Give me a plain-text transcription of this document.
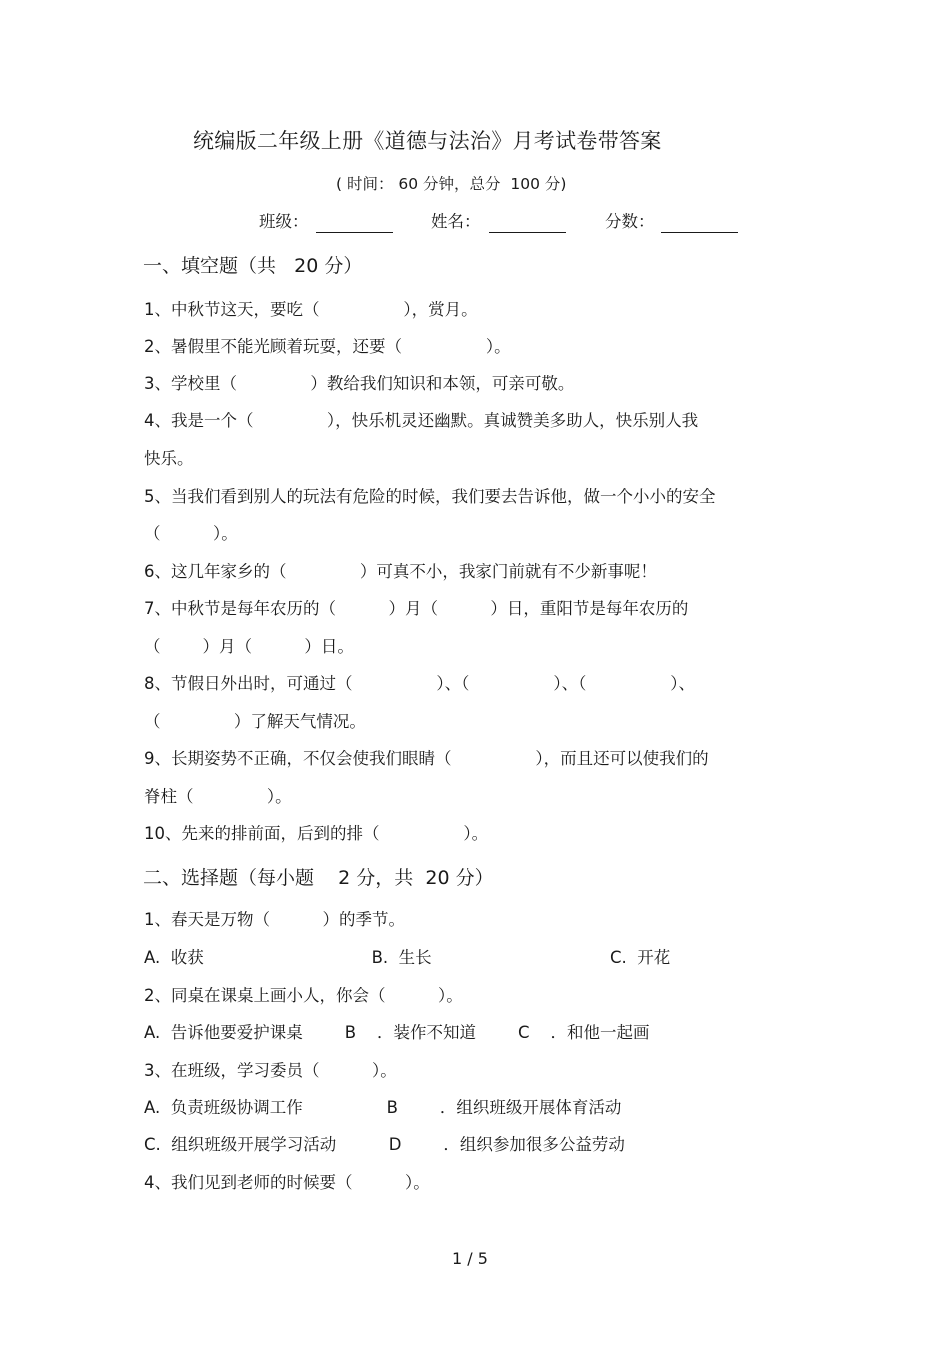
统编版二年级上册《道德与法治》月考试卷带答案
( 时间： 60 分钟，总分  100 分)
班级：	姓名：	分数：
一、填空题（共   20 分）
1、中秋节这天，要吃（                ），赏月。
2、暑假里不能光顾着玩耍，还要（                ）。
3、学校里（              ）教给我们知识和本领，可亲可敬。
4、我是一个（              ），快乐机灵还幽默。真诚赞美多助人，快乐别人我
快乐。
5、当我们看到别人的玩法有危险的时候，我们要去告诉他，做一个小小的安全
（          ）。
6、这几年家乡的（              ）可真不小，我家门前就有不少新事呢！
7、中秋节是每年农历的（          ）月（          ）日，重阳节是每年农历的
（        ）月（          ）日。
8、节假日外出时，可通过（                ）、（                ）、（                ）、
（              ）了解天气情况。
9、长期姿势不正确，不仅会使我们眼睛（                ），而且还可以使我们的
脊柱（              ）。
10、先来的排前面，后到的排（                ）。
二、选择题（每小题    2 分，共  20 分）
1、春天是万物（          ）的季节。
A.  收获                                B.  生长                                  C.  开花
2、同桌在课桌上画小人，你会（          ）。
A.  告诉他要爱护课桌        B    ．装作不知道        C    ．和他一起画
3、在班级，学习委员（          ）。
A.  负责班级协调工作                B        ．组织班级开展体育活动
C.  组织班级开展学习活动          D        ．组织参加很多公益劳动
4、我们见到老师的时候要（          ）。
1 / 5
